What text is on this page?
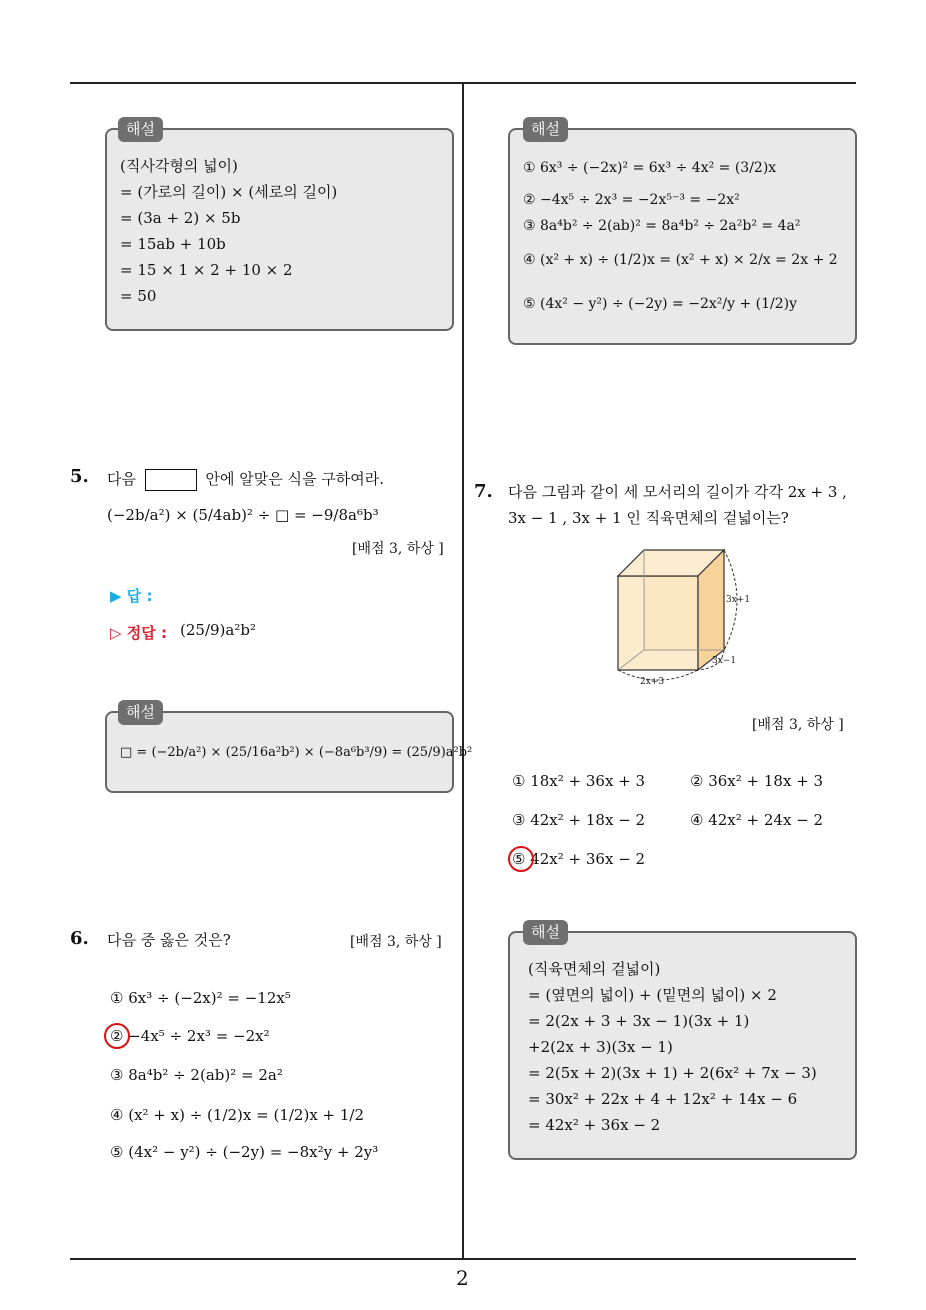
(직사각형의 넓이)
= (가로의 길이) × (세로의 길이)
= (3a + 2) × 5b
= 15ab + 10b
= 15 × 1 × 2 + 10 × 2
= 50
해설
5. 다음	안에 알맞은 식을 구하여라.
(−2b/a²) × (5/4ab)² ÷ □ = −9/8a⁶b³
[배점 3, 하상 ]
▶ 답 :
▷ 정답 : (25/9)a²b²
□ = (−2b/a²) × (25/16a²b²) × (−8a⁶b³/9) = (25/9)a²b²
해설
6. 다음 중 옳은 것은?	[배점 3, 하상 ]
① 6x³ ÷ (−2x)² = −12x⁵
② −4x⁵ ÷ 2x³ = −2x²
③ 8a⁴b² ÷ 2(ab)² = 2a²
④ (x² + x) ÷ (1/2)x = (1/2)x + 1/2
⑤ (4x² − y²) ÷ (−2y) = −8x²y + 2y³
① 6x³ ÷ (−2x)² = 6x³ ÷ 4x² = (3/2)x
② −4x⁵ ÷ 2x³ = −2x⁵⁻³ = −2x²
③ 8a⁴b² ÷ 2(ab)² = 8a⁴b² ÷ 2a²b² = 4a²
④ (x² + x) ÷ (1/2)x = (x² + x) × 2/x = 2x + 2
⑤ (4x² − y²) ÷ (−2y) = −2x²/y + (1/2)y
해설
7. 다음 그림과 같이 세 모서리의 길이가 각각 2x + 3 ,
3x − 1 , 3x + 1 인 직육면체의 겉넓이는?
3x+1
3x−1
2x+3
[배점 3, 하상 ]
① 18x² + 36x + 3	② 36x² + 18x + 3
③ 42x² + 18x − 2	④ 42x² + 24x − 2
⑤ 42x² + 36x − 2
(직육면체의 겉넓이)
= (옆면의 넓이) + (밑면의 넓이) × 2
= 2(2x + 3 + 3x − 1)(3x + 1)
+2(2x + 3)(3x − 1)
= 2(5x + 2)(3x + 1) + 2(6x² + 7x − 3)
= 30x² + 22x + 4 + 12x² + 14x − 6
= 42x² + 36x − 2
해설
2
